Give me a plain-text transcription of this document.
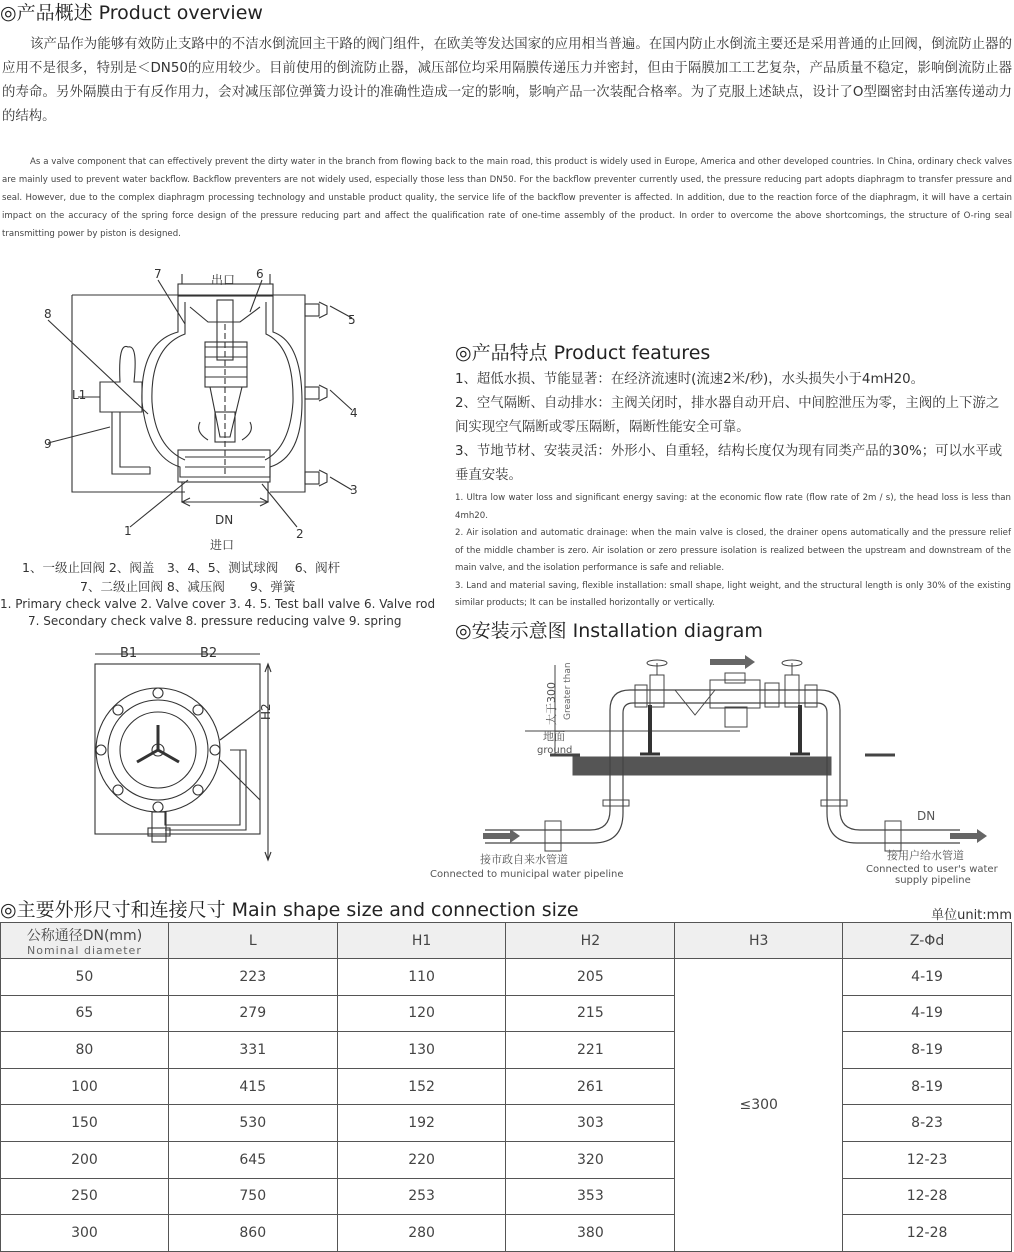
◎产品概述 Product overview

该产品作为能够有效防止支路中的不洁水倒流回主干路的阀门组件，在欧美等发达国家的应用相当普遍。在国内防止水倒流主要还是采用普通的止回阀，倒流防止器的应用不是很多，特别是＜DN50的应用较少。目前使用的倒流防止器，减压部位均采用隔膜传递压力并密封，但由于隔膜加工工艺复杂，产品质量不稳定，影响倒流防止器的寿命。另外隔膜由于有反作用力，会对减压部位弹簧力设计的准确性造成一定的影响，影响产品一次装配合格率。为了克服上述缺点，设计了O型圈密封由活塞传递动力的结构。

As a valve component that can effectively prevent the dirty water in the branch from flowing back to the main road, this product is widely used in Europe, America and other developed countries. In China, ordinary check valves are mainly used to prevent water backflow. Backflow preventers are not widely used, especially those less than DN50. For the backflow preventer currently used, the pressure reducing part adopts diaphragm to transfer pressure and seal. However, due to the complex diaphragm processing technology and unstable product quality, the service life of the backflow preventer is affected. In addition, due to the reaction force of the diaphragm, it will have a certain impact on the accuracy of the spring force design of the pressure reducing part and affect the qualification rate of one-time assembly of the product. In order to overcome the above shortcomings, the structure of O-ring seal transmitting power by piston is designed.

出口
进口
DN
L1
1	2
3
4
5
6
7
8
9
1、一级止回阀 2、阀盖　3、4、5、测试球阀　 6、阀杆
7、二级止回阀 8、减压阀　　9、弹簧
1. Primary check valve 2. Valve cover 3. 4. 5. Test ball valve 6. Valve rod
7. Secondary check valve 8. pressure reducing valve 9. spring
B1	B2
H2
◎产品特点 Product features

1、超低水损、节能显著：在经济流速时(流速2米/秒)，水头损失小于4mH20。

2、空气隔断、自动排水：主阀关闭时，排水器自动开启、中间腔泄压为零，主阀的上下游之间实现空气隔断或零压隔断，隔断性能安全可靠。

3、节地节材、安装灵活：外形小、自重轻，结构长度仅为现有同类产品的30%；可以水平或垂直安装。

1. Ultra low water loss and significant energy saving: at the economic flow rate (flow rate of 2m / s), the head loss is less than 4mh20.

2. Air isolation and automatic drainage: when the main valve is closed, the drainer opens automatically and the pressure relief of the middle chamber is zero. Air isolation or zero pressure isolation is realized between the upstream and downstream of the main valve, and the isolation performance is safe and reliable.

3. Land and material saving, flexible installation: small shape, light weight, and the structural length is only 30% of the existing similar products; It can be installed horizontally or vertically.

◎安装示意图 Installation diagram
大于300 Greater than
地面
ground
DN
接市政自来水管道
Connected to municipal water pipeline
接用户给水管道
Connected to user's water
supply pipeline
◎主要外形尺寸和连接尺寸 Main shape size and connection size	单位unit:mm
公称通径DN(mm)
Nominal diameter	L	H1	H2	H3	Z-Φd
50	223	110	205	≤300	4-19
65	279	120	215		4-19
80	331	130	221		8-19
100	415	152	261		8-19
150	530	192	303		8-23
200	645	220	320		12-23
250	750	253	353		12-28
300	860	280	380		12-28
